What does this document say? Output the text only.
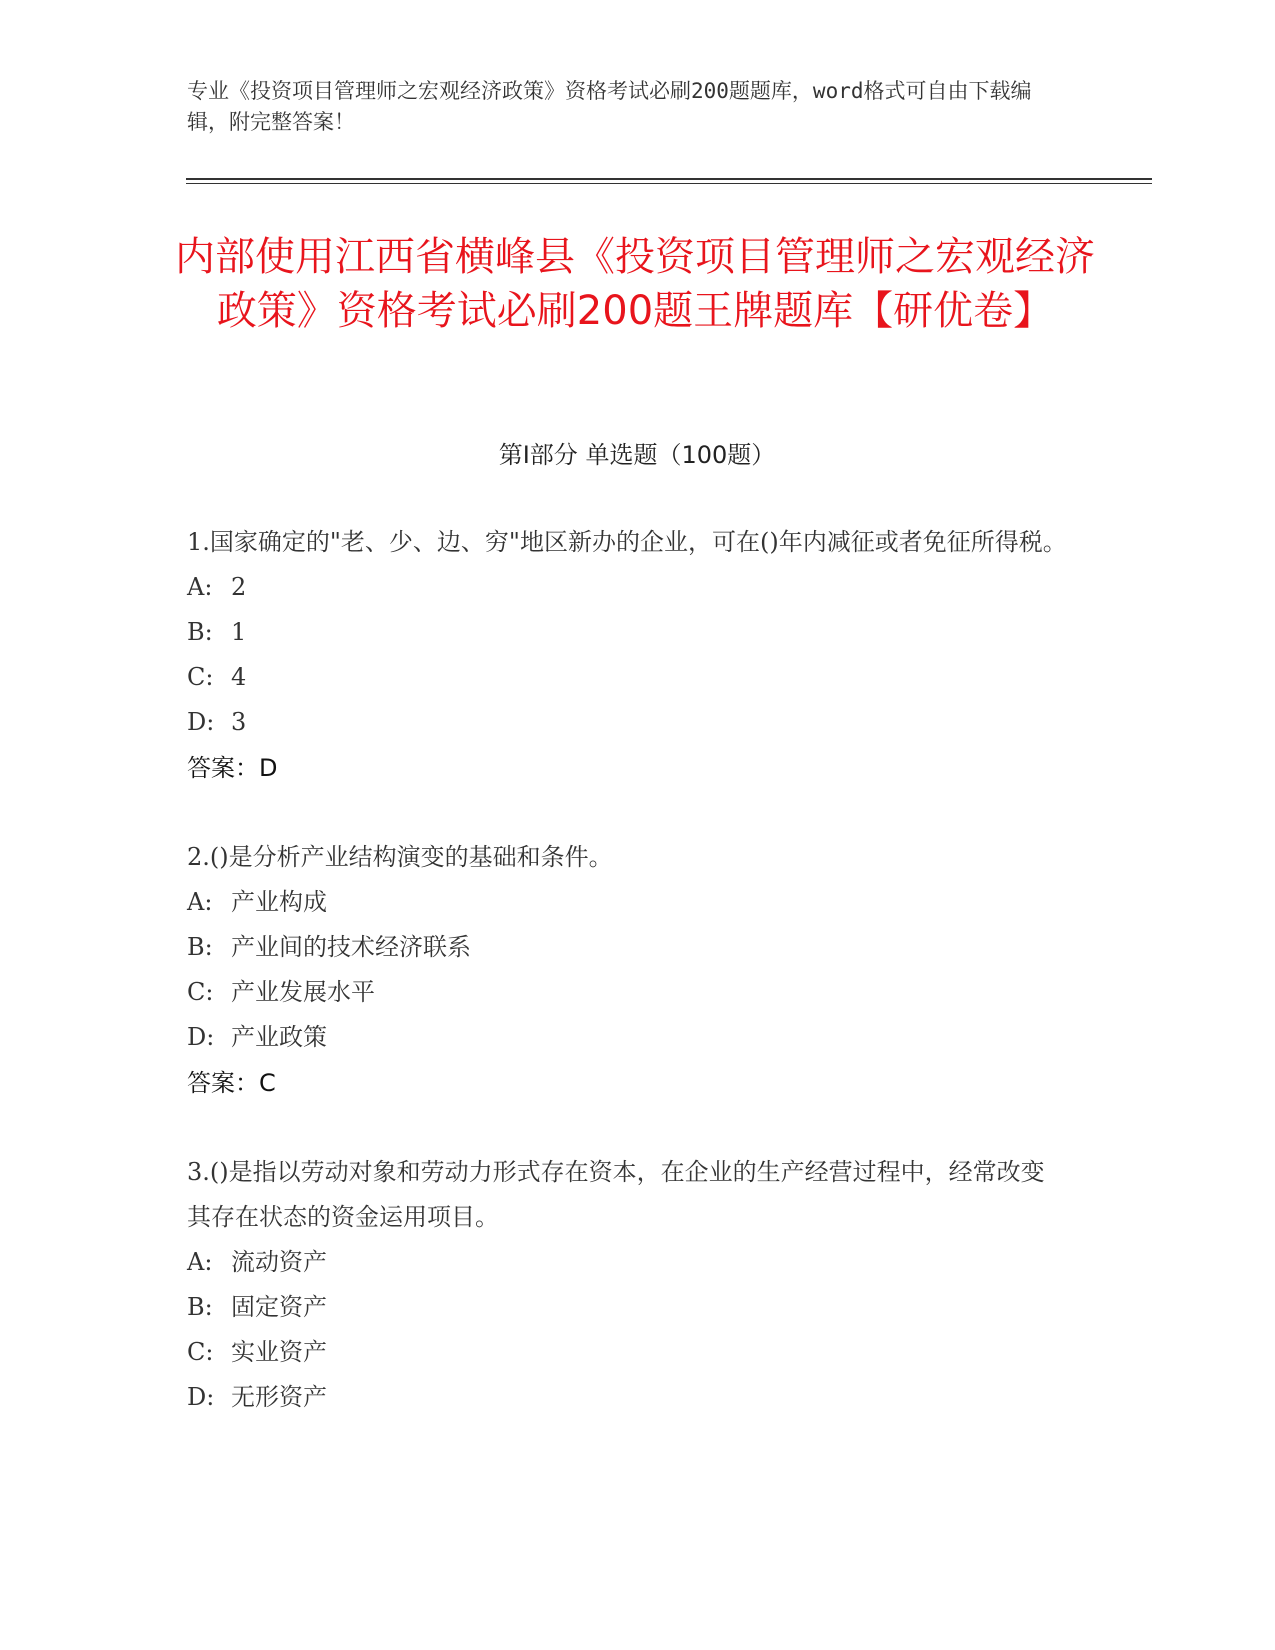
专业《投资项目管理师之宏观经济政策》资格考试必刷200题题库，word格式可自由下载编辑，附完整答案！

内部使用江西省横峰县《投资项目管理师之宏观经济政策》资格考试必刷200题王牌题库【研优卷】
第Ⅰ部分 单选题（100题）

1.国家确定的"老、少、边、穷"地区新办的企业，可在()年内减征或者免征所得税。

A: 2

B: 1

C: 4

D: 3

答案：D

2.()是分析产业结构演变的基础和条件。

A: 产业构成

B: 产业间的技术经济联系

C: 产业发展水平

D: 产业政策

答案：C

3.()是指以劳动对象和劳动力形式存在资本，在企业的生产经营过程中，经常改变其存在状态的资金运用项目。

A: 流动资产

B: 固定资产

C: 实业资产

D: 无形资产
